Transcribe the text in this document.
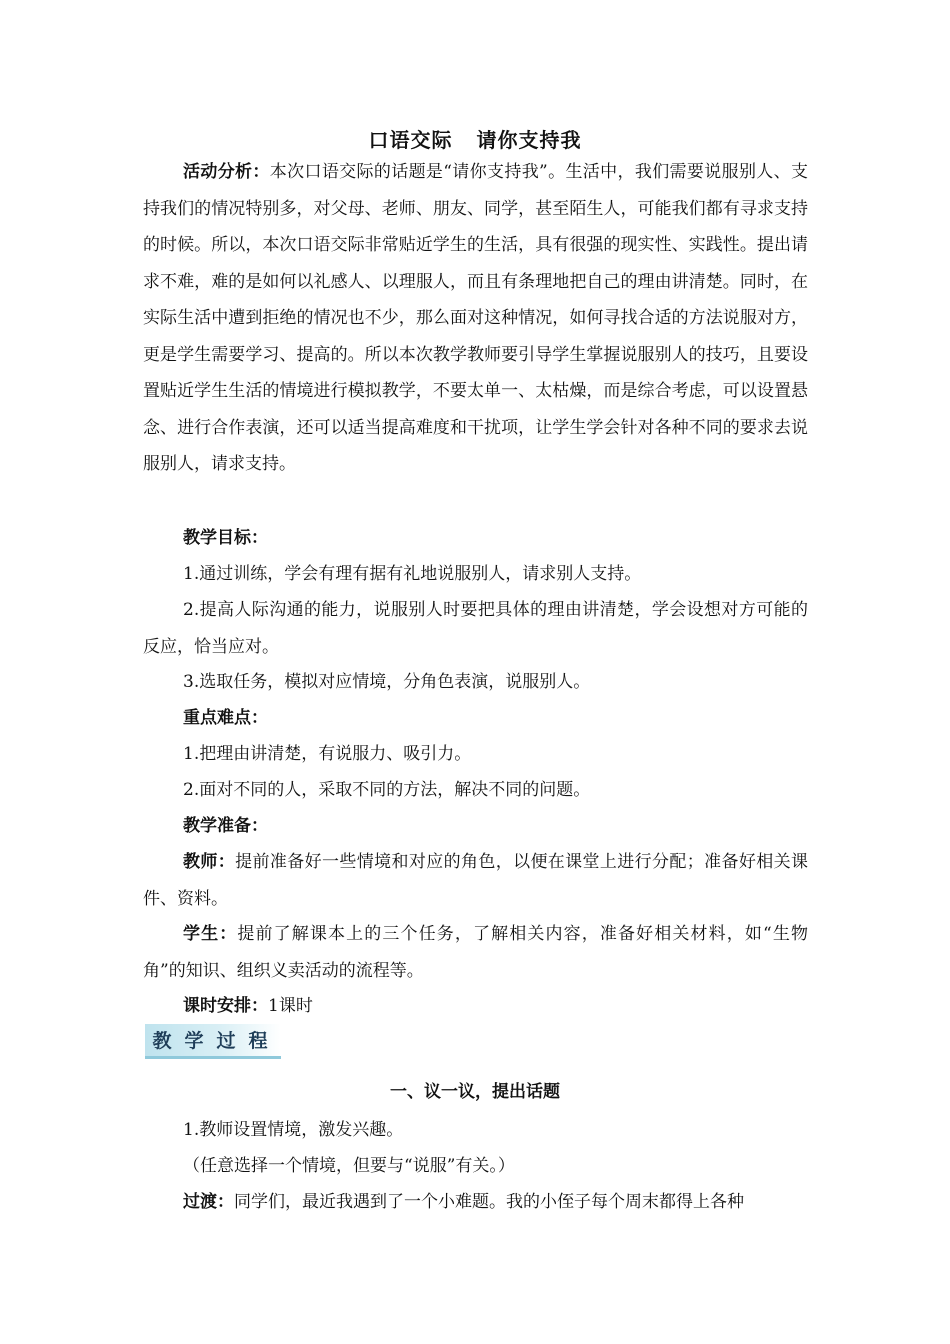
口语交际 请你支持我
活动分析：本次口语交际的话题是“请你支持我”。生活中，我们需要说服别人、支持我们的情况特别多，对父母、老师、朋友、同学，甚至陌生人，可能我们都有寻求支持的时候。所以，本次口语交际非常贴近学生的生活，具有很强的现实性、实践性。提出请求不难，难的是如何以礼感人、以理服人，而且有条理地把自己的理由讲清楚。同时，在实际生活中遭到拒绝的情况也不少，那么面对这种情况，如何寻找合适的方法说服对方，更是学生需要学习、提高的。所以本次教学教师要引导学生掌握说服别人的技巧，且要设置贴近学生生活的情境进行模拟教学，不要太单一、太枯燥，而是综合考虑，可以设置悬念、进行合作表演，还可以适当提高难度和干扰项，让学生学会针对各种不同的要求去说服别人，请求支持。
教学目标：
1.通过训练，学会有理有据有礼地说服别人，请求别人支持。
2.提高人际沟通的能力，说服别人时要把具体的理由讲清楚，学会设想对方可能的反应，恰当应对。
3.选取任务，模拟对应情境，分角色表演，说服别人。
重点难点：
1.把理由讲清楚，有说服力、吸引力。
2.面对不同的人，采取不同的方法，解决不同的问题。
教学准备：
教师：提前准备好一些情境和对应的角色，以便在课堂上进行分配；准备好相关课件、资料。
学生：提前了解课本上的三个任务，了解相关内容，准备好相关材料，如“生物角”的知识、组织义卖活动的流程等。
课时安排：1课时
教 学 过 程
一、议一议，提出话题
1.教师设置情境，激发兴趣。
（任意选择一个情境，但要与“说服”有关。）
过渡：同学们，最近我遇到了一个小难题。我的小侄子每个周末都得上各种
